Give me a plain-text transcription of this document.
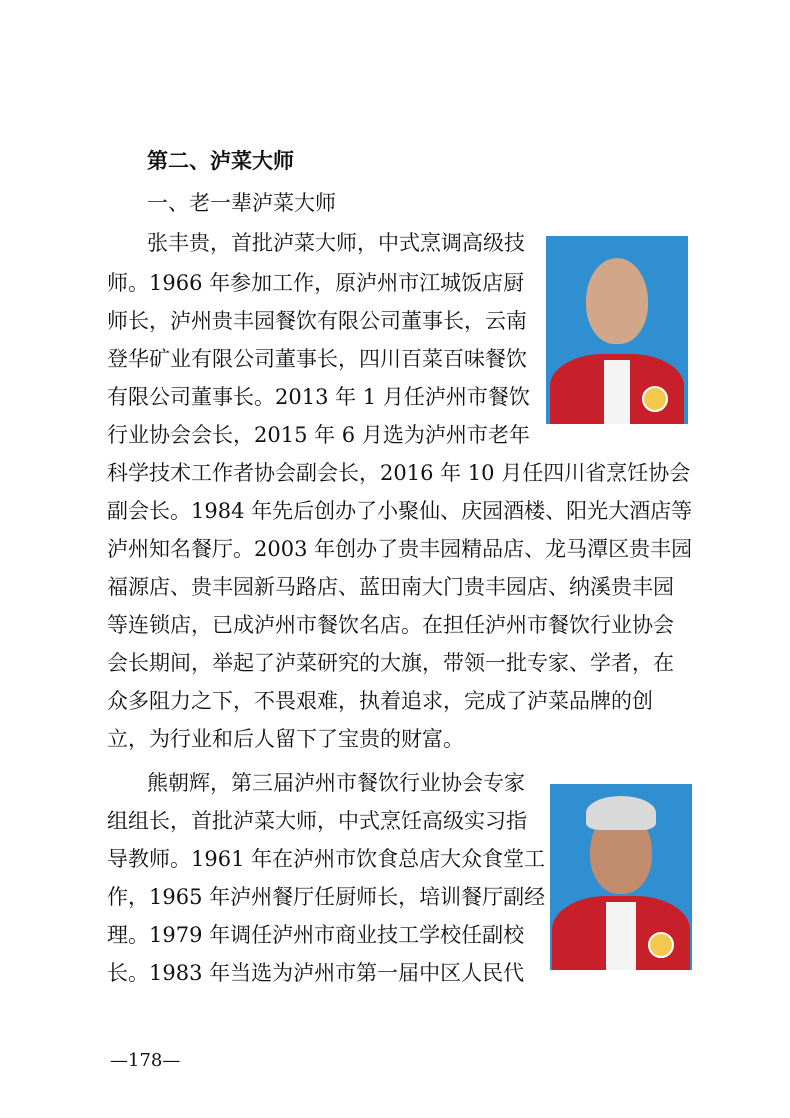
第二、泸菜大师
一、老一辈泸菜大师
张丰贵，首批泸菜大师，中式烹调高级技
师。1966 年参加工作，原泸州市江城饭店厨
师长，泸州贵丰园餐饮有限公司董事长，云南
登华矿业有限公司董事长，四川百菜百味餐饮
有限公司董事长。2013 年 1 月任泸州市餐饮
行业协会会长，2015 年 6 月选为泸州市老年
科学技术工作者协会副会长，2016 年 10 月任四川省烹饪协会
副会长。1984 年先后创办了小聚仙、庆园酒楼、阳光大酒店等
泸州知名餐厅。2003 年创办了贵丰园精品店、龙马潭区贵丰园
福源店、贵丰园新马路店、蓝田南大门贵丰园店、纳溪贵丰园
等连锁店，已成泸州市餐饮名店。在担任泸州市餐饮行业协会
会长期间，举起了泸菜研究的大旗，带领一批专家、学者，在
众多阻力之下，不畏艰难，执着追求，完成了泸菜品牌的创
立，为行业和后人留下了宝贵的财富。
熊朝辉，第三届泸州市餐饮行业协会专家
组组长，首批泸菜大师，中式烹饪高级实习指
导教师。1961 年在泸州市饮食总店大众食堂工
作，1965 年泸州餐厅任厨师长，培训餐厅副经
理。1979 年调任泸州市商业技工学校任副校
长。1983 年当选为泸州市第一届中区人民代
—178—
